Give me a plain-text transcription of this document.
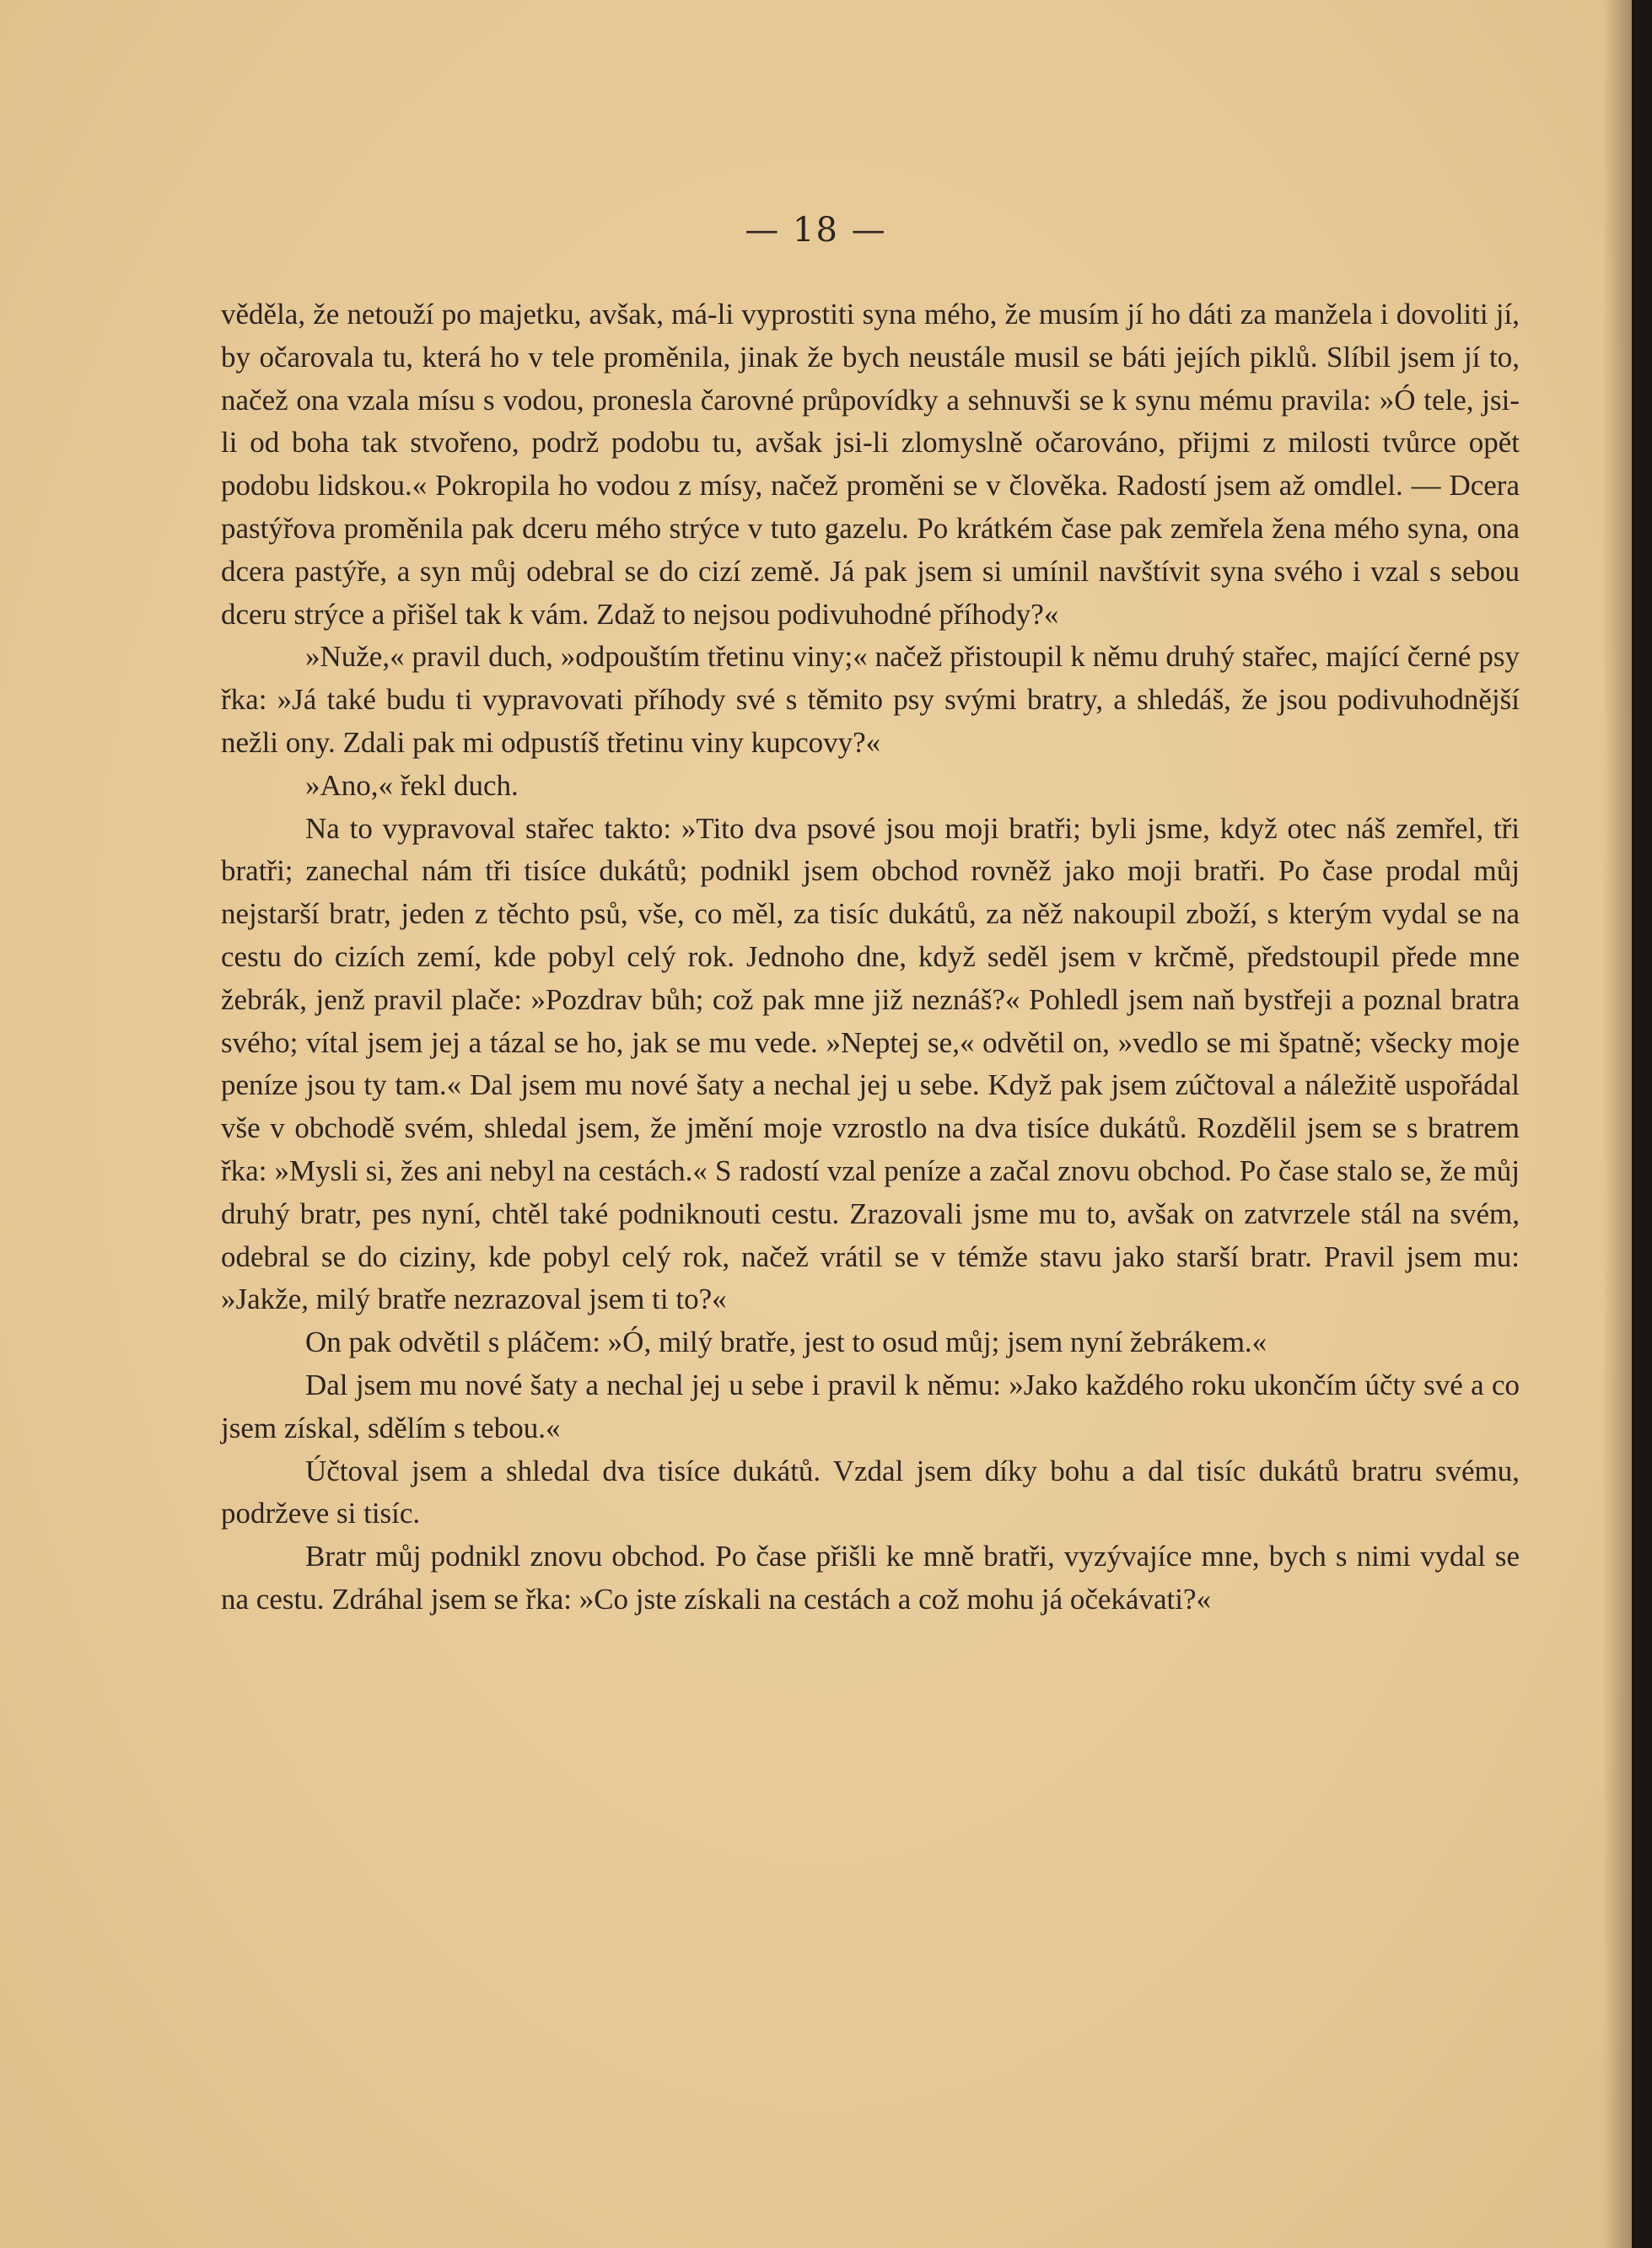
— 18 —

věděla, že netouží po majetku, avšak, má-li vyprostiti syna mého, že musím jí ho dáti za manžela i dovoliti jí, by očarovala tu, která ho v tele proměnila, jinak že bych neustále musil se báti jejích piklů. Slíbil jsem jí to, načež ona vzala mísu s vodou, pronesla čarovné průpovídky a sehnuvši se k synu mému pravila: »Ó tele, jsi-li od boha tak stvořeno, podrž podobu tu, avšak jsi-li zlomyslně očarováno, přijmi z milosti tvůrce opět podobu lidskou.« Pokropila ho vodou z mísy, načež proměni se v člověka. Radostí jsem až omdlel. — Dcera pastýřova proměnila pak dceru mého strýce v tuto gazelu. Po krátkém čase pak zemřela žena mého syna, ona dcera pastýře, a syn můj odebral se do cizí země. Já pak jsem si umínil navštívit syna svého i vzal s sebou dceru strýce a přišel tak k vám. Zdaž to nejsou podivuhodné příhody?«

»Nuže,« pravil duch, »odpouštím třetinu viny;« načež přistoupil k němu druhý stařec, mající černé psy řka: »Já také budu ti vypravovati příhody své s těmito psy svými bratry, a shledáš, že jsou podivuhodnější nežli ony. Zdali pak mi odpustíš třetinu viny kupcovy?«

»Ano,« řekl duch.

Na to vypravoval stařec takto: »Tito dva psové jsou moji bratři; byli jsme, když otec náš zemřel, tři bratři; zanechal nám tři tisíce dukátů; podnikl jsem obchod rovněž jako moji bratři. Po čase prodal můj nejstarší bratr, jeden z těchto psů, vše, co měl, za tisíc dukátů, za něž nakoupil zboží, s kterým vydal se na cestu do cizích zemí, kde pobyl celý rok. Jednoho dne, když seděl jsem v krčmě, předstoupil přede mne žebrák, jenž pravil plače: »Pozdrav bůh; což pak mne již neznáš?« Pohledl jsem naň bystřeji a poznal bratra svého; vítal jsem jej a tázal se ho, jak se mu vede. »Neptej se,« odvětil on, »vedlo se mi špatně; všecky moje peníze jsou ty tam.« Dal jsem mu nové šaty a nechal jej u sebe. Když pak jsem zúčtoval a náležitě uspořádal vše v obchodě svém, shledal jsem, že jmění moje vzrostlo na dva tisíce dukátů. Rozdělil jsem se s bratrem řka: »Mysli si, žes ani nebyl na cestách.« S radostí vzal peníze a začal znovu obchod. Po čase stalo se, že můj druhý bratr, pes nyní, chtěl také podniknouti cestu. Zrazovali jsme mu to, avšak on zatvrzele stál na svém, odebral se do ciziny, kde pobyl celý rok, načež vrátil se v témže stavu jako starší bratr. Pravil jsem mu: »Jakže, milý bratře nezrazoval jsem ti to?«

On pak odvětil s pláčem: »Ó, milý bratře, jest to osud můj; jsem nyní žebrákem.«

Dal jsem mu nové šaty a nechal jej u sebe i pravil k němu: »Jako každého roku ukončím účty své a co jsem získal, sdělím s tebou.«

Účtoval jsem a shledal dva tisíce dukátů. Vzdal jsem díky bohu a dal tisíc dukátů bratru svému, podrževe si tisíc.

Bratr můj podnikl znovu obchod. Po čase přišli ke mně bratři, vyzývajíce mne, bych s nimi vydal se na cestu. Zdráhal jsem se řka: »Co jste získali na cestách a což mohu já očekávati?«
